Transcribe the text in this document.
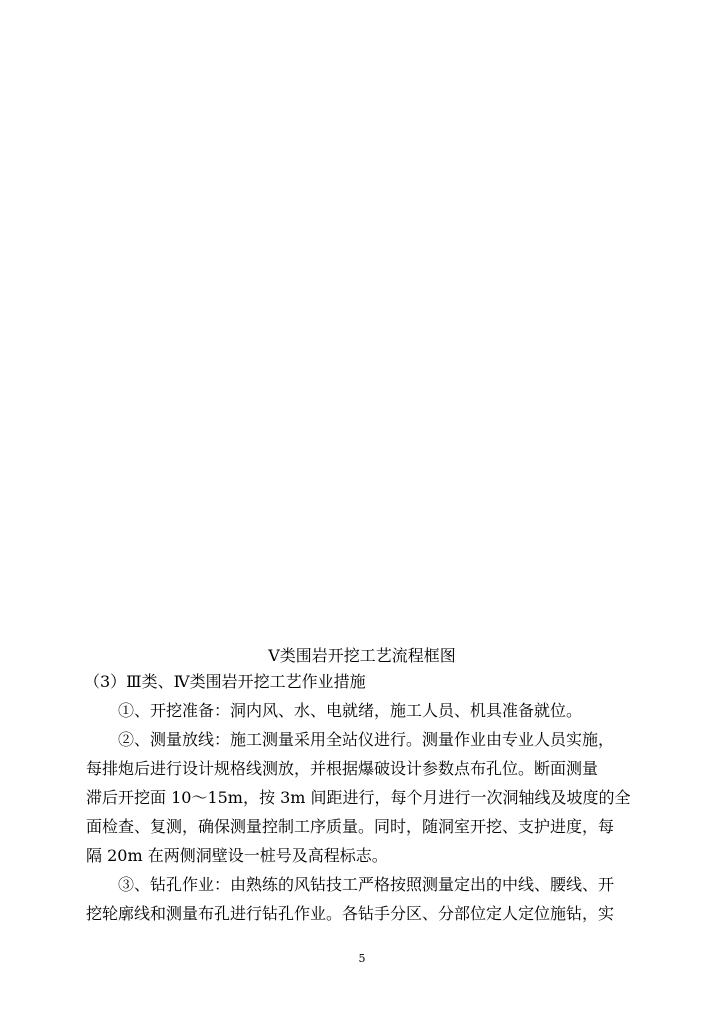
Ⅴ类围岩开挖工艺流程框图
（3）Ⅲ类、Ⅳ类围岩开挖工艺作业措施
①、开挖准备：洞内风、水、电就绪，施工人员、机具准备就位。
②、测量放线：施工测量采用全站仪进行。测量作业由专业人员实施，
每排炮后进行设计规格线测放，并根据爆破设计参数点布孔位。断面测量
滞后开挖面 10～15m，按 3m 间距进行，每个月进行一次洞轴线及坡度的全
面检查、复测，确保测量控制工序质量。同时，随洞室开挖、支护进度，每
隔 20m 在两侧洞壁设一桩号及高程标志。
③、钻孔作业：由熟练的风钻技工严格按照测量定出的中线、腰线、开
挖轮廓线和测量布孔进行钻孔作业。各钻手分区、分部位定人定位施钻，实
5
